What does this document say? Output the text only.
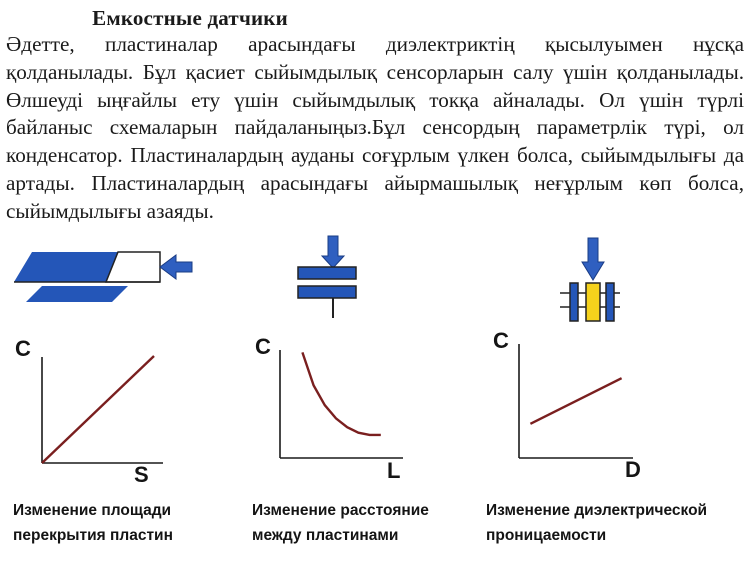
Емкостные датчики
Әдетте, пластиналар арасындағы диэлектриктің қысылуымен нұсқа қолданылады. Бұл қасиет сыйымдылық сенсорларын салу үшін қолданылады. Өлшеуді ыңғайлы ету үшін сыйымдылық токқа айналады. Ол үшін түрлі байланыс схемаларын пайдаланыңыз.Бұл сенсордың параметрлік түрі, ол конденсатор. Пластиналардың ауданы соғұрлым үлкен болса, сыйымдылығы да артады. Пластиналардың арасындағы айырмашылық неғұрлым көп болса, сыйымдылығы азаяды.
C
S
C
L
C
D
Изменение площади
перекрытия пластин
Изменение расстояние
между пластинами
Изменение диэлектрической
проницаемости
